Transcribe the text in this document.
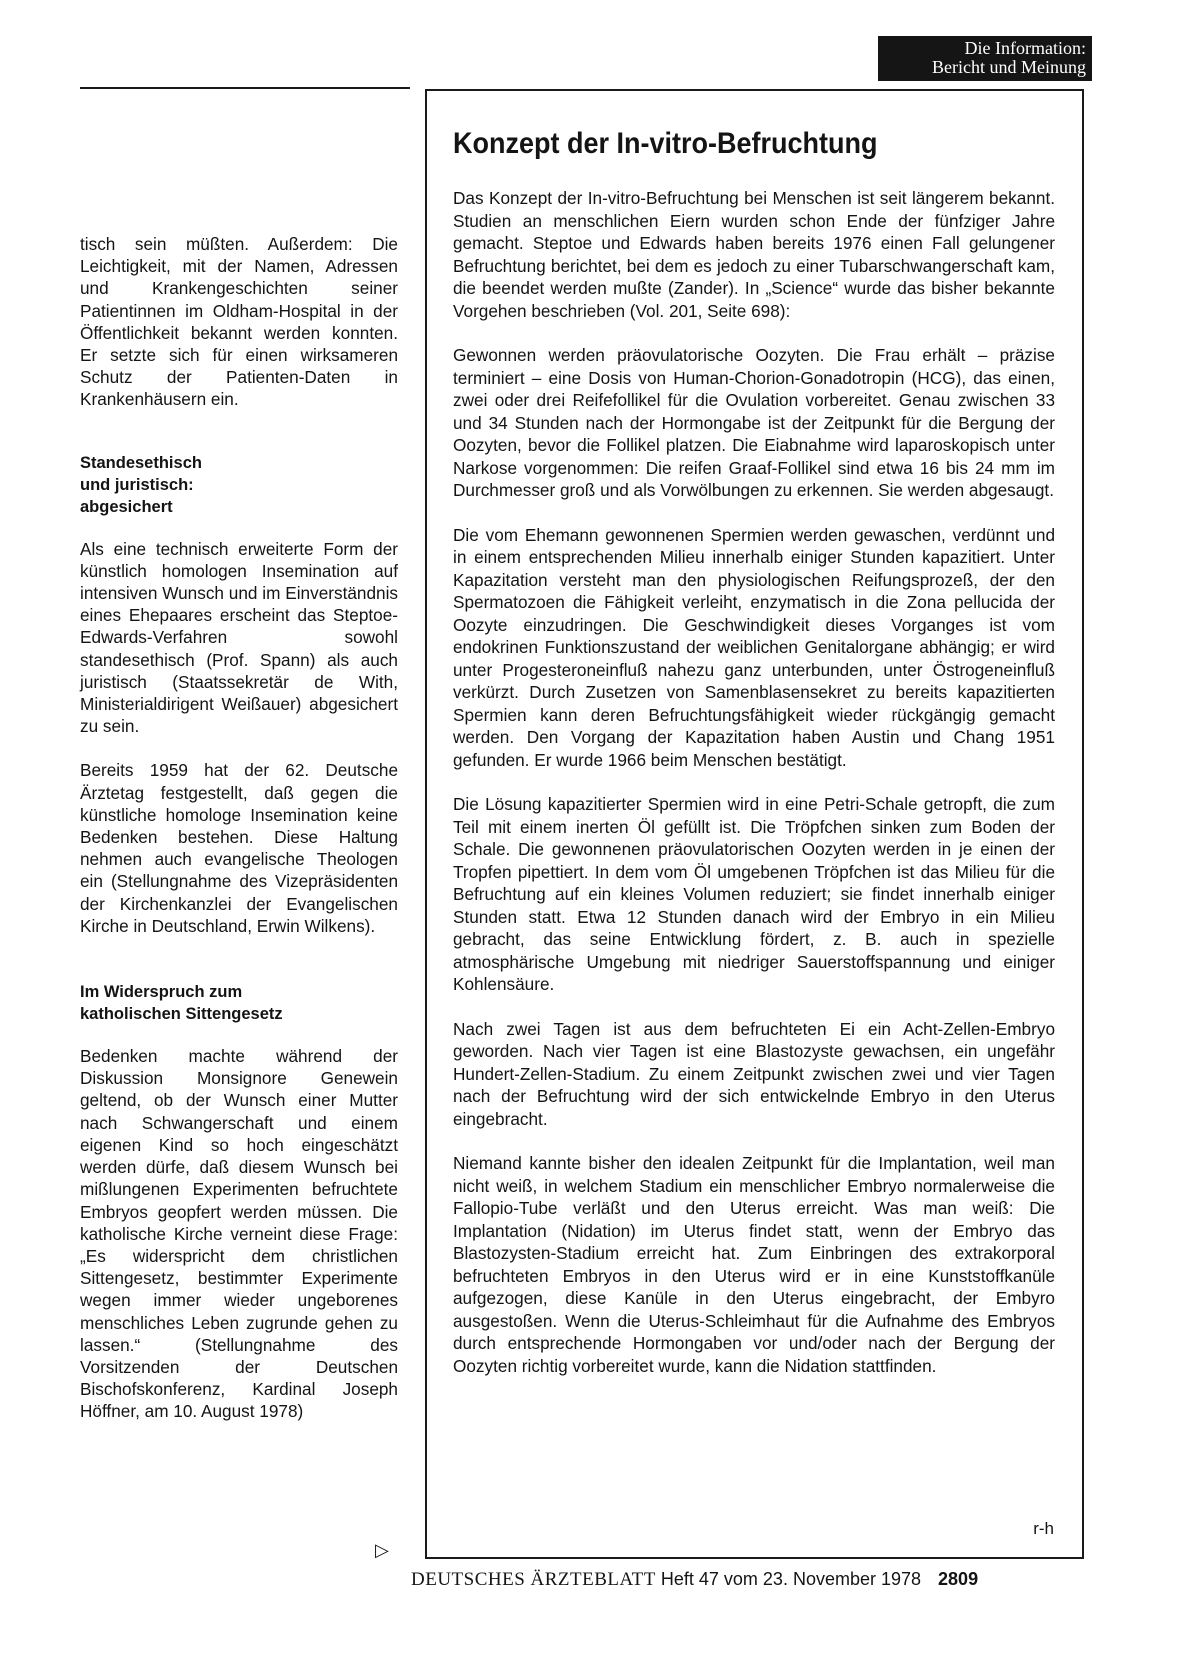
Die Information:
Bericht und Meinung

tisch sein müßten. Außerdem: Die Leichtigkeit, mit der Namen, Adressen und Krankengeschichten seiner Patientinnen im Oldham-Hospital in der Öffentlichkeit bekannt werden konnten. Er setzte sich für einen wirksameren Schutz der Patienten-Daten in Krankenhäusern ein.

Standesethisch
und juristisch:
abgesichert

Als eine technisch erweiterte Form der künstlich homologen Insemination auf intensiven Wunsch und im Einverständnis eines Ehepaares erscheint das Steptoe-Edwards-Verfahren sowohl standesethisch (Prof. Spann) als auch juristisch (Staatssekretär de With, Ministerialdirigent Weißauer) abgesichert zu sein.

Bereits 1959 hat der 62. Deutsche Ärztetag festgestellt, daß gegen die künstliche homologe Insemination keine Bedenken bestehen. Diese Haltung nehmen auch evangelische Theologen ein (Stellungnahme des Vizepräsidenten der Kirchenkanzlei der Evangelischen Kirche in Deutschland, Erwin Wilkens).

Im Widerspruch zum
katholischen Sittengesetz

Bedenken machte während der Diskussion Monsignore Genewein geltend, ob der Wunsch einer Mutter nach Schwangerschaft und einem eigenen Kind so hoch eingeschätzt werden dürfe, daß diesem Wunsch bei mißlungenen Experimenten befruchtete Embryos geopfert werden müssen. Die katholische Kirche verneint diese Frage: „Es widerspricht dem christlichen Sittengesetz, bestimmter Experimente wegen immer wieder ungeborenes menschliches Leben zugrunde gehen zu lassen.“ (Stellungnahme des Vorsitzenden der Deutschen Bischofskonferenz, Kardinal Joseph Höffner, am 10. August 1978)

▷
Konzept der In-vitro-Befruchtung

Das Konzept der In-vitro-Befruchtung bei Menschen ist seit längerem bekannt. Studien an menschlichen Eiern wurden schon Ende der fünfziger Jahre gemacht. Steptoe und Edwards haben bereits 1976 einen Fall gelungener Befruchtung berichtet, bei dem es jedoch zu einer Tubarschwangerschaft kam, die beendet werden mußte (Zander). In „Science“ wurde das bisher bekannte Vorgehen beschrieben (Vol. 201, Seite 698):

Gewonnen werden präovulatorische Oozyten. Die Frau erhält – präzise terminiert – eine Dosis von Human-Chorion-Gonadotropin (HCG), das einen, zwei oder drei Reifefollikel für die Ovulation vorbereitet. Genau zwischen 33 und 34 Stunden nach der Hormongabe ist der Zeitpunkt für die Bergung der Oozyten, bevor die Follikel platzen. Die Eiabnahme wird laparoskopisch unter Narkose vorgenommen: Die reifen Graaf-Follikel sind etwa 16 bis 24 mm im Durchmesser groß und als Vorwölbungen zu erkennen. Sie werden abgesaugt.

Die vom Ehemann gewonnenen Spermien werden gewaschen, verdünnt und in einem entsprechenden Milieu innerhalb einiger Stunden kapazitiert. Unter Kapazitation versteht man den physiologischen Reifungsprozeß, der den Spermatozoen die Fähigkeit verleiht, enzymatisch in die Zona pellucida der Oozyte einzudringen. Die Geschwindigkeit dieses Vorganges ist vom endokrinen Funktionszustand der weiblichen Genitalorgane abhängig; er wird unter Progesteroneinfluß nahezu ganz unterbunden, unter Östrogeneinfluß verkürzt. Durch Zusetzen von Samenblasensekret zu bereits kapazitierten Spermien kann deren Befruchtungsfähigkeit wieder rückgängig gemacht werden. Den Vorgang der Kapazitation haben Austin und Chang 1951 gefunden. Er wurde 1966 beim Menschen bestätigt.

Die Lösung kapazitierter Spermien wird in eine Petri-Schale getropft, die zum Teil mit einem inerten Öl gefüllt ist. Die Tröpfchen sinken zum Boden der Schale. Die gewonnenen präovulatorischen Oozyten werden in je einen der Tropfen pipettiert. In dem vom Öl umgebenen Tröpfchen ist das Milieu für die Befruchtung auf ein kleines Volumen reduziert; sie findet innerhalb einiger Stunden statt. Etwa 12 Stunden danach wird der Embryo in ein Milieu gebracht, das seine Entwicklung fördert, z. B. auch in spezielle atmosphärische Umgebung mit niedriger Sauerstoffspannung und einiger Kohlensäure.

Nach zwei Tagen ist aus dem befruchteten Ei ein Acht-Zellen-Embryo geworden. Nach vier Tagen ist eine Blastozyste gewachsen, ein ungefähr Hundert-Zellen-Stadium. Zu einem Zeitpunkt zwischen zwei und vier Tagen nach der Befruchtung wird der sich entwickelnde Embryo in den Uterus eingebracht.

Niemand kannte bisher den idealen Zeitpunkt für die Implantation, weil man nicht weiß, in welchem Stadium ein menschlicher Embryo normalerweise die Fallopio-Tube verläßt und den Uterus erreicht. Was man weiß: Die Implantation (Nidation) im Uterus findet statt, wenn der Embryo das Blastozysten-Stadium erreicht hat. Zum Einbringen des extrakorporal befruchteten Embryos in den Uterus wird er in eine Kunststoffkanüle aufgezogen, diese Kanüle in den Uterus eingebracht, der Embyro ausgestoßen. Wenn die Uterus-Schleimhaut für die Aufnahme des Embryos durch entsprechende Hormongaben vor und/oder nach der Bergung der Oozyten richtig vorbereitet wurde, kann die Nidation stattfinden.

r-h
DEUTSCHES ÄRZTEBLATT Heft 47 vom 23. November 1978 2809
